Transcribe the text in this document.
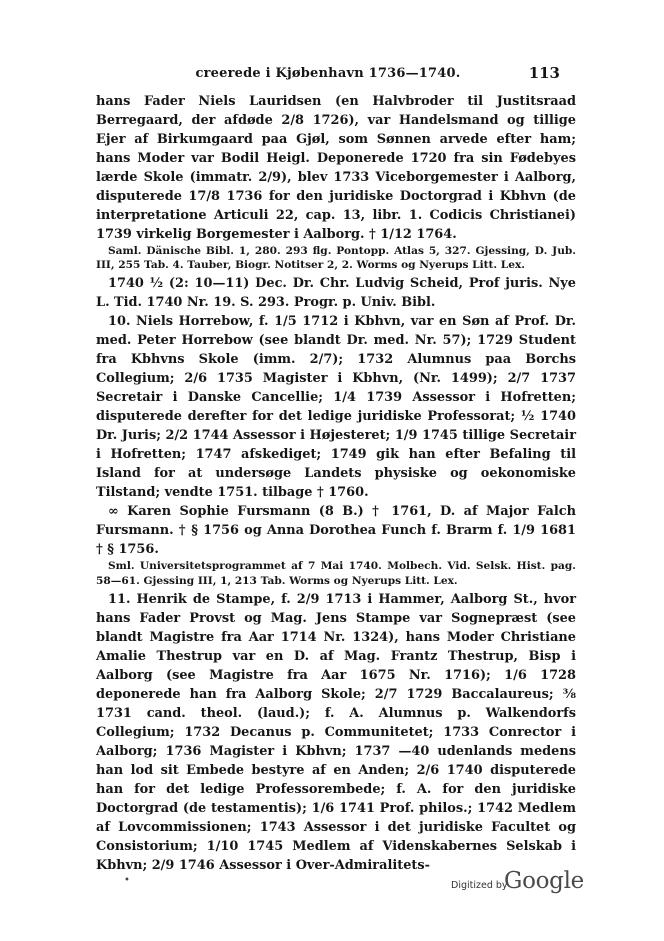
creerede i Kjøbenhavn 1736—1740.	113

hans Fader Niels Lauridsen (en Halvbroder til Justitsraad Berregaard, der afdøde 2/8 1726), var Handelsmand og tillige Ejer af Birkumgaard paa Gjøl, som Sønnen arvede efter ham; hans Moder var Bodil Heigl. Deponerede 1720 fra sin Fødebyes lærde Skole (immatr. 2/9), blev 1733 Viceborgemester i Aalborg, disputerede 17/8 1736 for den juridiske Doctorgrad i Kbhvn (de interpretatione Articuli 22, cap. 13, libr. 1. Codicis Christianei) 1739 virkelig Borgemester i Aalborg. † 1/12 1764.

Saml. Dänische Bibl. 1, 280. 293 flg. Pontopp. Atlas 5, 327. Gjessing, D. Jub. III, 255 Tab. 4. Tauber, Biogr. Notitser 2, 2. Worms og Nyerups Litt. Lex.

1740 ½ (2: 10—11) Dec. Dr. Chr. Ludvig Scheid, Prof juris. Nye L. Tid. 1740 Nr. 19. S. 293. Progr. p. Univ. Bibl.

10. Niels Horrebow, f. 1/5 1712 i Kbhvn, var en Søn af Prof. Dr. med. Peter Horrebow (see blandt Dr. med. Nr. 57); 1729 Student fra Kbhvns Skole (imm. 2/7); 1732 Alumnus paa Borchs Collegium; 2/6 1735 Magister i Kbhvn, (Nr. 1499); 2/7 1737 Secretair i Danske Cancellie; 1/4 1739 Assessor i Hofretten; disputerede derefter for det ledige juridiske Professorat; ½ 1740 Dr. Juris; 2/2 1744 Assessor i Højesteret; 1/9 1745 tillige Secretair i Hofretten; 1747 afskediget; 1749 gik han efter Befaling til Island for at undersøge Landets physiske og oekonomiske Tilstand; vendte 1751. tilbage † 1760.

∞ Karen Sophie Fursmann (8 B.) † 1761, D. af Major Falch Fursmann. † § 1756 og Anna Dorothea Funch f. Brarm f. 1/9 1681 † § 1756.

Sml. Universitetsprogrammet af 7 Mai 1740. Molbech. Vid. Selsk. Hist. pag. 58—61. Gjessing III, 1, 213 Tab. Worms og Nyerups Litt. Lex.

11. Henrik de Stampe, f. 2/9 1713 i Hammer, Aalborg St., hvor hans Fader Provst og Mag. Jens Stampe var Sognepræst (see blandt Magistre fra Aar 1714 Nr. 1324), hans Moder Christiane Amalie Thestrup var en D. af Mag. Frantz Thestrup, Bisp i Aalborg (see Magistre fra Aar 1675 Nr. 1716); 1/6 1728 deponerede han fra Aalborg Skole; 2/7 1729 Baccalaureus; ⅜ 1731 cand. theol. (laud.); f. A. Alumnus p. Walkendorfs Collegium; 1732 Decanus p. Communitetet; 1733 Conrector i Aalborg; 1736 Magister i Kbhvn; 1737 —40 udenlands medens han lod sit Embede bestyre af en Anden; 2/6 1740 disputerede han for det ledige Professorembede; f. A. for den juridiske Doctorgrad (de testamentis); 1/6 1741 Prof. philos.; 1742 Medlem af Lovcommissionen; 1743 Assessor i det juridiske Facultet og Consistorium; 1/10 1745 Medlem af Videnskabernes Selskab i Kbhvn; 2/9 1746 Assessor i Over-Admiralitets-

•	Digitized by
Google
